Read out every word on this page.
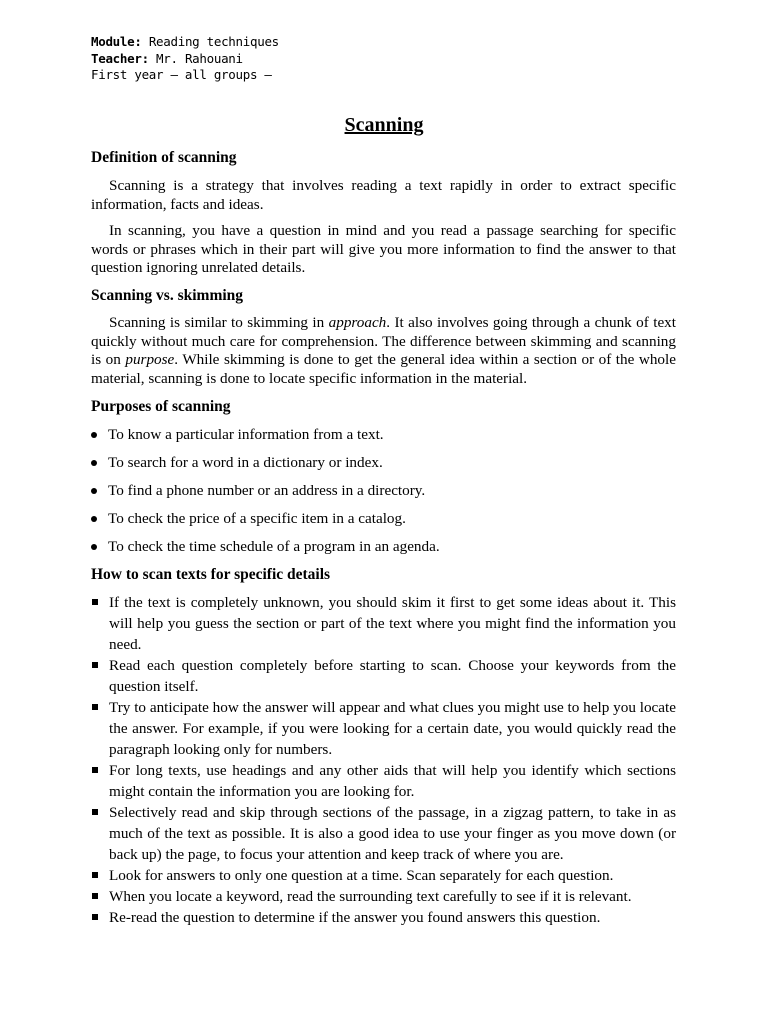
Module: Reading techniques
Teacher: Mr. Rahouani
First year – all groups –
Scanning
Definition of scanning

Scanning is a strategy that involves reading a text rapidly in order to extract specific information, facts and ideas.

In scanning, you have a question in mind and you read a passage searching for specific words or phrases which in their part will give you more information to find the answer to that question ignoring unrelated details.

Scanning vs. skimming

Scanning is similar to skimming in approach. It also involves going through a chunk of text quickly without much care for comprehension. The difference between skimming and scanning is on purpose. While skimming is done to get the general idea within a section or of the whole material, scanning is done to locate specific information in the material.

Purposes of scanning
To know a particular information from a text.
To search for a word in a dictionary or index.
To find a phone number or an address in a directory.
To check the price of a specific item in a catalog.
To check the time schedule of a program in an agenda.
How to scan texts for specific details
If the text is completely unknown, you should skim it first to get some ideas about it. This will help you guess the section or part of the text where you might find the information you need.
Read each question completely before starting to scan. Choose your keywords from the question itself.
Try to anticipate how the answer will appear and what clues you might use to help you locate the answer. For example, if you were looking for a certain date, you would quickly read the paragraph looking only for numbers.
For long texts, use headings and any other aids that will help you identify which sections might contain the information you are looking for.
Selectively read and skip through sections of the passage, in a zigzag pattern, to take in as much of the text as possible. It is also a good idea to use your finger as you move down (or back up) the page, to focus your attention and keep track of where you are.
Look for answers to only one question at a time. Scan separately for each question.
When you locate a keyword, read the surrounding text carefully to see if it is relevant.
Re-read the question to determine if the answer you found answers this question.
